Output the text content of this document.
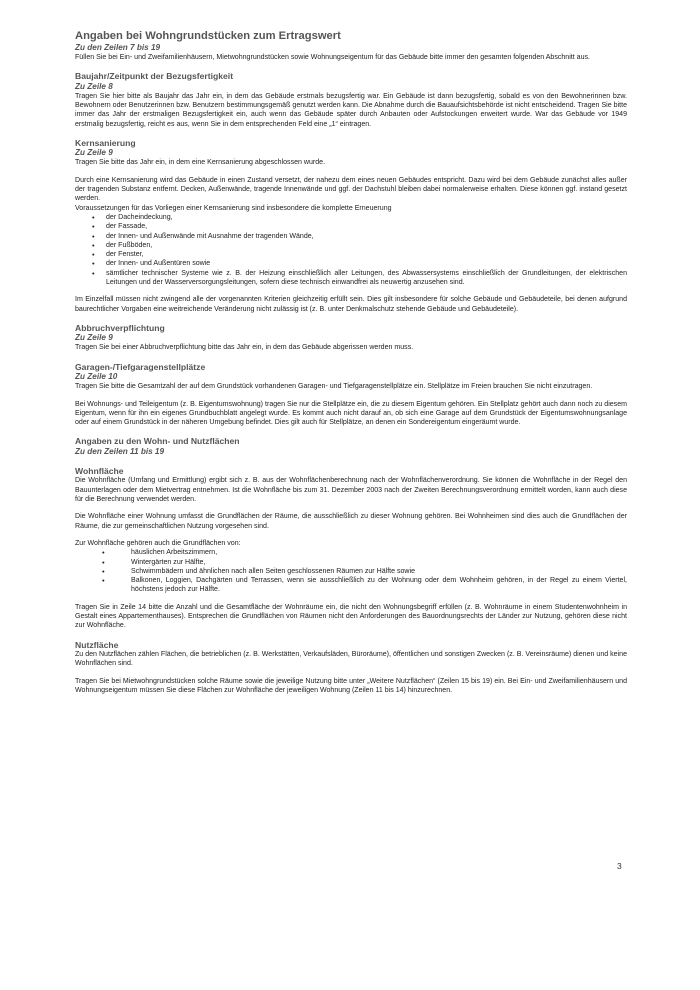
Angaben bei Wohngrundstücken zum Ertragswert
Zu den Zeilen 7 bis 19

Füllen Sie bei Ein- und Zweifamilienhäusern, Mietwohngrundstücken sowie Wohnungseigentum für das Gebäude bitte immer den gesamten folgenden Abschnitt aus.

Baujahr/Zeitpunkt der Bezugsfertigkeit
Zu Zeile 8

Tragen Sie hier bitte als Baujahr das Jahr ein, in dem das Gebäude erstmals bezugsfertig war. Ein Gebäude ist dann bezugsfertig, sobald es von den Bewohnerinnen bzw. Bewohnern oder Benutzerinnen bzw. Benutzern bestimmungsgemäß genutzt werden kann. Die Abnahme durch die Bauaufsichtsbehörde ist nicht entscheidend. Tragen Sie bitte immer das Jahr der erstmaligen Bezugsfertigkeit ein, auch wenn das Gebäude später durch Anbauten oder Aufstockungen erweitert wurde. War das Gebäude vor 1949 erstmalig bezugsfertig, reicht es aus, wenn Sie in dem entsprechenden Feld eine „1“ eintragen.

Kernsanierung
Zu Zeile 9

Tragen Sie bitte das Jahr ein, in dem eine Kernsanierung abgeschlossen wurde.

Durch eine Kernsanierung wird das Gebäude in einen Zustand versetzt, der nahezu dem eines neuen Gebäudes entspricht. Dazu wird bei dem Gebäude zunächst alles außer der tragenden Substanz entfernt. Decken, Außenwände, tragende Innenwände und ggf. der Dachstuhl bleiben dabei normalerweise erhalten. Diese können ggf. instand gesetzt werden.

Voraussetzungen für das Vorliegen einer Kernsanierung sind insbesondere die komplette Erneuerung

• der Dacheindeckung,
• der Fassade,
• der Innen- und Außenwände mit Ausnahme der tragenden Wände,
• der Fußböden,
• der Fenster,
• der Innen- und Außentüren sowie
• sämtlicher technischer Systeme wie z. B. der Heizung einschließlich aller Leitungen, des Abwassersystems einschließlich der Grundleitungen, der elektrischen Leitungen und der Wasserversorgungsleitungen, sofern diese technisch einwandfrei als neuwertig anzusehen sind.

Im Einzelfall müssen nicht zwingend alle der vorgenannten Kriterien gleichzeitig erfüllt sein. Dies gilt insbesondere für solche Gebäude und Gebäudeteile, bei denen aufgrund baurechtlicher Vorgaben eine weitreichende Veränderung nicht zulässig ist (z. B. unter Denkmalschutz stehende Gebäude und Gebäudeteile).

Abbruchverpflichtung
Zu Zeile 9

Tragen Sie bei einer Abbruchverpflichtung bitte das Jahr ein, in dem das Gebäude abgerissen werden muss.

Garagen-/Tiefgaragenstellplätze
Zu Zeile 10

Tragen Sie bitte die Gesamtzahl der auf dem Grundstück vorhandenen Garagen- und Tiefgaragenstellplätze ein. Stellplätze im Freien brauchen Sie nicht einzutragen.

Bei Wohnungs- und Teileigentum (z. B. Eigentumswohnung) tragen Sie nur die Stellplätze ein, die zu diesem Eigentum gehören. Ein Stellplatz gehört auch dann noch zu diesem Eigentum, wenn für ihn ein eigenes Grundbuchblatt angelegt wurde. Es kommt auch nicht darauf an, ob sich eine Garage auf dem Grundstück der Eigentumswohnungsanlage oder auf einem Grundstück in der näheren Umgebung befindet. Dies gilt auch für Stellplätze, an denen ein Sondereigentum eingeräumt wurde.

Angaben zu den Wohn- und Nutzflächen
Zu den Zeilen 11 bis 19
Wohnfläche

Die Wohnfläche (Umfang und Ermittlung) ergibt sich z. B. aus der Wohnflächenberechnung nach der Wohnflächenverordnung. Sie können die Wohnfläche in der Regel den Bauunterlagen oder dem Mietvertrag entnehmen. Ist die Wohnfläche bis zum 31. Dezember 2003 nach der Zweiten Berechnungsverordnung ermittelt worden, kann auch diese für die Berechnung verwendet werden.

Die Wohnfläche einer Wohnung umfasst die Grundflächen der Räume, die ausschließlich zu dieser Wohnung gehören. Bei Wohnheimen sind dies auch die Grundflächen der Räume, die zur gemeinschaftlichen Nutzung vorgesehen sind.

Zur Wohnfläche gehören auch die Grundflächen von:

• häuslichen Arbeitszimmern,
• Wintergärten zur Hälfte,
• Schwimmbädern und ähnlichen nach allen Seiten geschlossenen Räumen zur Hälfte sowie
• Balkonen, Loggien, Dachgärten und Terrassen, wenn sie ausschließlich zu der Wohnung oder dem Wohnheim gehören, in der Regel zu einem Viertel, höchstens jedoch zur Hälfte.

Tragen Sie in Zeile 14 bitte die Anzahl und die Gesamtfläche der Wohnräume ein, die nicht den Wohnungsbegriff erfüllen (z. B. Wohnräume in einem Studentenwohnheim in Gestalt eines Appartementhauses). Entsprechen die Grundflächen von Räumen nicht den Anforderungen des Bauordnungsrechts der Länder zur Nutzung, gehören diese nicht zur Wohnfläche.

Nutzfläche

Zu den Nutzflächen zählen Flächen, die betrieblichen (z. B. Werkstätten, Verkaufsläden, Büroräume), öffentlichen und sonstigen Zwecken (z. B. Vereinsräume) dienen und keine Wohnflächen sind.

Tragen Sie bei Mietwohngrundstücken solche Räume sowie die jeweilige Nutzung bitte unter „Weitere Nutzflächen“ (Zeilen 15 bis 19) ein. Bei Ein- und Zweifamilienhäusern und Wohnungseigentum müssen Sie diese Flächen zur Wohnfläche der jeweiligen Wohnung (Zeilen 11 bis 14) hinzurechnen.

3
